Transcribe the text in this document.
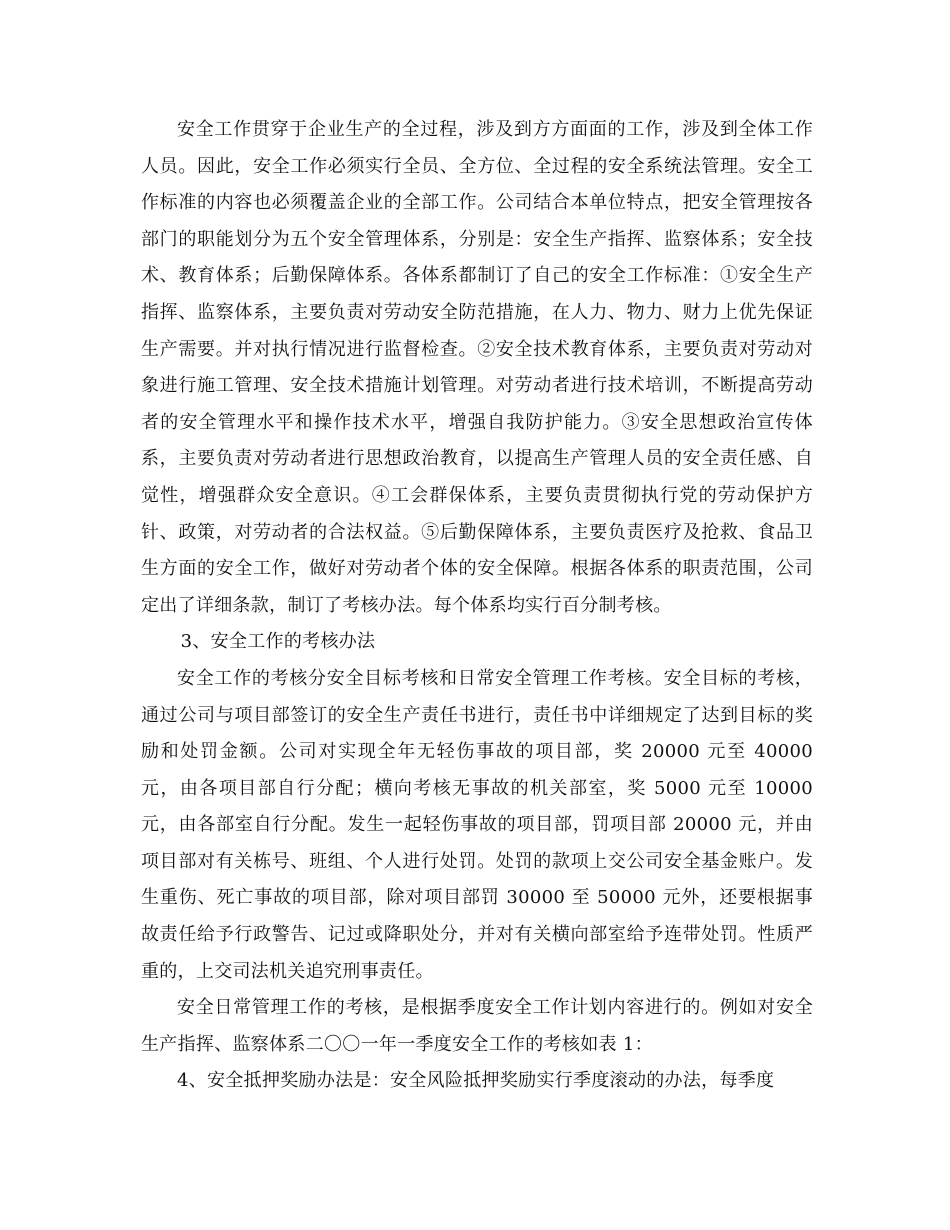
安全工作贯穿于企业生产的全过程，涉及到方方面面的工作，涉及到全体工作人员。因此，安全工作必须实行全员、全方位、全过程的安全系统法管理。安全工作标准的内容也必须覆盖企业的全部工作。公司结合本单位特点，把安全管理按各部门的职能划分为五个安全管理体系，分别是：安全生产指挥、监察体系；安全技术、教育体系；后勤保障体系。各体系都制订了自己的安全工作标准：①安全生产指挥、监察体系，主要负责对劳动安全防范措施，在人力、物力、财力上优先保证生产需要。并对执行情况进行监督检查。②安全技术教育体系，主要负责对劳动对象进行施工管理、安全技术措施计划管理。对劳动者进行技术培训，不断提高劳动者的安全管理水平和操作技术水平，增强自我防护能力。③安全思想政治宣传体系，主要负责对劳动者进行思想政治教育，以提高生产管理人员的安全责任感、自觉性，增强群众安全意识。④工会群保体系，主要负责贯彻执行党的劳动保护方针、政策，对劳动者的合法权益。⑤后勤保障体系，主要负责医疗及抢救、食品卫生方面的安全工作，做好对劳动者个体的安全保障。根据各体系的职责范围，公司定出了详细条款，制订了考核办法。每个体系均实行百分制考核。

3、安全工作的考核办法

安全工作的考核分安全目标考核和日常安全管理工作考核。安全目标的考核，通过公司与项目部签订的安全生产责任书进行，责任书中详细规定了达到目标的奖励和处罚金额。公司对实现全年无轻伤事故的项目部，奖 20000 元至 40000 元，由各项目部自行分配；横向考核无事故的机关部室，奖 5000 元至 10000 元，由各部室自行分配。发生一起轻伤事故的项目部，罚项目部 20000 元，并由项目部对有关栋号、班组、个人进行处罚。处罚的款项上交公司安全基金账户。发生重伤、死亡事故的项目部，除对项目部罚 30000 至 50000 元外，还要根据事故责任给予行政警告、记过或降职处分，并对有关横向部室给予连带处罚。性质严重的，上交司法机关追究刑事责任。

安全日常管理工作的考核，是根据季度安全工作计划内容进行的。例如对安全生产指挥、监察体系二〇〇一年一季度安全工作的考核如表 1：

4、安全抵押奖励办法是：安全风险抵押奖励实行季度滚动的办法，每季度
